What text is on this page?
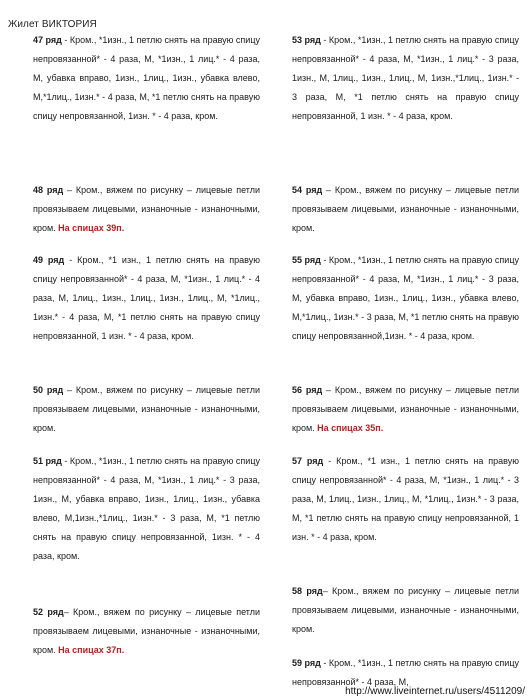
Жилет ВИКТОРИЯ

47 ряд - Кром., *1изн., 1 петлю снять на правую спицу непровязанной* - 4 раза, М, *1изн., 1 лиц.* - 4 раза, М, убавка вправо, 1изн., 1лиц., 1изн., убавка влево, М,*1лиц., 1изн.* - 4 раза, М, *1 петлю снять на правую спицу непровязанной, 1изн. * - 4 раза, кром.

48 ряд – Кром., вяжем по рисунку – лицевые петли провязываем лицевыми, изнаночные - изнаночными, кром. На спицах 39п.

49 ряд - Кром., *1 изн., 1 петлю снять на правую спицу непровязанной* - 4 раза, М, *1изн., 1 лиц.* - 4 раза, М, 1лиц., 1изн., 1лиц., 1изн., 1лиц., М, *1лиц., 1изн.* - 4 раза, М, *1 петлю снять на правую спицу непровязанной, 1 изн. * - 4 раза, кром.

50 ряд – Кром., вяжем по рисунку – лицевые петли провязываем лицевыми, изнаночные - изнаночными, кром.

51 ряд - Кром., *1изн., 1 петлю снять на правую спицу непровязанной* - 4 раза, М, *1изн., 1 лиц.* - 3 раза, 1изн., М, убавка вправо, 1изн., 1лиц., 1изн., убавка влево, М,1изн.,*1лиц., 1изн.* - 3 раза, М, *1 петлю снять на правую спицу непровязанной, 1изн. * - 4 раза, кром.

52 ряд– Кром., вяжем по рисунку – лицевые петли провязываем лицевыми, изнаночные - изнаночными, кром. На спицах 37п.

53 ряд - Кром., *1изн., 1 петлю снять на правую спицу непровязанной* - 4 раза, М, *1изн., 1 лиц.* - 3 раза, 1изн., М, 1лиц., 1изн., 1лиц., М, 1изн.,*1лиц., 1изн.* - 3 раза, М, *1 петлю снять на правую спицу непровязанной, 1 изн. * - 4 раза, кром.

54 ряд – Кром., вяжем по рисунку – лицевые петли провязываем лицевыми, изнаночные - изнаночными, кром.

55 ряд - Кром., *1изн., 1 петлю снять на правую спицу непровязанной* - 4 раза, М, *1изн., 1 лиц.* - 3 раза, М, убавка вправо, 1изн., 1лиц., 1изн., убавка влево, М,*1лиц., 1изн.* - 3 раза, М, *1 петлю снять на правую спицу непровязанной,1изн. * - 4 раза, кром.

56 ряд – Кром., вяжем по рисунку – лицевые петли провязываем лицевыми, изнаночные - изнаночными, кром. На спицах 35п.

57 ряд - Кром., *1 изн., 1 петлю снять на правую спицу непровязанной* - 4 раза, М, *1изн., 1 лиц.* - 3 раза, М, 1лиц., 1изн., 1лиц., М, *1лиц., 1изн.* - 3 раза, М, *1 петлю снять на правую спицу непровязанной, 1 изн. * - 4 раза, кром.

58 ряд– Кром., вяжем по рисунку – лицевые петли провязываем лицевыми, изнаночные - изнаночными, кром.

59 ряд - Кром., *1изн., 1 петлю снять на правую спицу непровязанной* - 4 раза, М,

http://www.liveinternet.ru/users/4511209/
